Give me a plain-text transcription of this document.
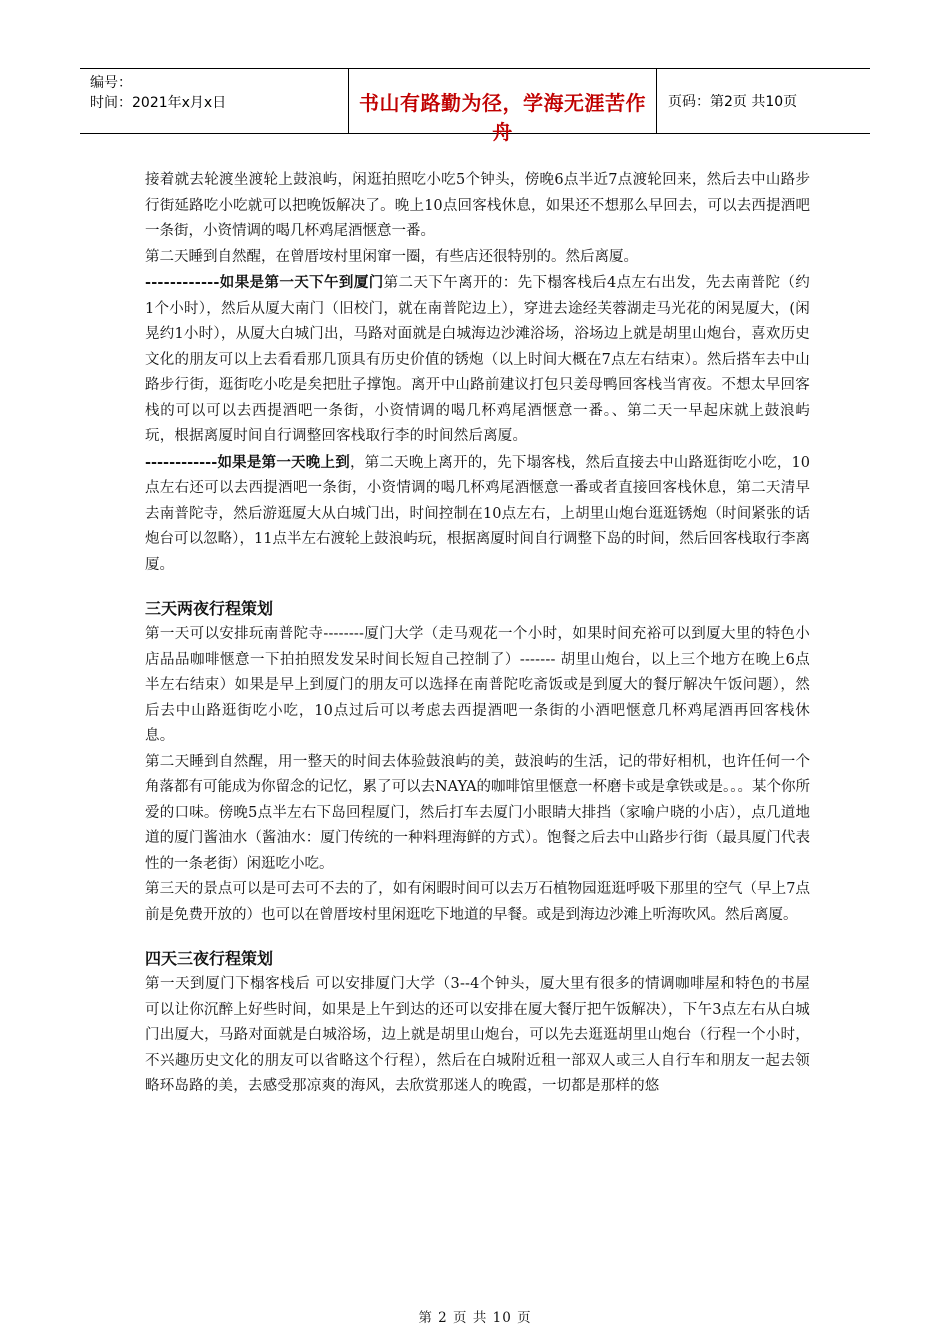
编号：
时间：2021年x月x日	书山有路勤为径，学海无涯苦作舟
页码：第2页 共10页

接着就去轮渡坐渡轮上鼓浪屿，闲逛拍照吃小吃5个钟头，傍晚6点半近7点渡轮回来，然后去中山路步行街延路吃小吃就可以把晚饭解决了。晚上10点回客栈休息，如果还不想那么早回去，可以去西提酒吧一条街，小资情调的喝几杯鸡尾酒惬意一番。

第二天睡到自然醒，在曾厝垵村里闲窜一圈，有些店还很特别的。然后离厦。

------------如果是第一天下午到厦门第二天下午离开的：先下榻客栈后4点左右出发，先去南普陀（约1个小时），然后从厦大南门（旧校门，就在南普陀边上），穿进去途经芙蓉湖走马光花的闲晃厦大，(闲晃约1小时），从厦大白城门出，马路对面就是白城海边沙滩浴场，浴场边上就是胡里山炮台，喜欢历史文化的朋友可以上去看看那几顶具有历史价值的锈炮（以上时间大概在7点左右结束）。然后搭车去中山路步行街，逛街吃小吃是矣把肚子撑饱。离开中山路前建议打包只姜母鸭回客栈当宵夜。不想太早回客栈的可以可以去西提酒吧一条街，小资情调的喝几杯鸡尾酒惬意一番。、第二天一早起床就上鼓浪屿玩，根据离厦时间自行调整回客栈取行李的时间然后离厦。

------------如果是第一天晚上到，第二天晚上离开的，先下塌客栈，然后直接去中山路逛街吃小吃，10点左右还可以去西提酒吧一条街，小资情调的喝几杯鸡尾酒惬意一番或者直接回客栈休息，第二天清早去南普陀寺，然后游逛厦大从白城门出，时间控制在10点左右，上胡里山炮台逛逛锈炮（时间紧张的话炮台可以忽略），11点半左右渡轮上鼓浪屿玩，根据离厦时间自行调整下岛的时间，然后回客栈取行李离厦。

三天两夜行程策划

第一天可以安排玩南普陀寺--------厦门大学（走马观花一个小时，如果时间充裕可以到厦大里的特色小店品品咖啡惬意一下拍拍照发发呆时间长短自己控制了）------- 胡里山炮台，以上三个地方在晚上6点半左右结束）如果是早上到厦门的朋友可以选择在南普陀吃斋饭或是到厦大的餐厅解决午饭问题），然后去中山路逛街吃小吃，10点过后可以考虑去西提酒吧一条街的小酒吧惬意几杯鸡尾酒再回客栈休息。

第二天睡到自然醒，用一整天的时间去体验鼓浪屿的美，鼓浪屿的生活，记的带好相机，也许任何一个角落都有可能成为你留念的记忆，累了可以去NAYA的咖啡馆里惬意一杯磨卡或是拿铁或是。。。某个你所爱的口味。傍晚5点半左右下岛回程厦门，然后打车去厦门小眼睛大排挡（家喻户晓的小店），点几道地道的厦门酱油水（酱油水：厦门传统的一种料理海鲜的方式）。饱餐之后去中山路步行街（最具厦门代表性的一条老街）闲逛吃小吃。

第三天的景点可以是可去可不去的了，如有闲暇时间可以去万石植物园逛逛呼吸下那里的空气（早上7点前是免费开放的）也可以在曾厝垵村里闲逛吃下地道的早餐。或是到海边沙滩上听海吹风。然后离厦。

四天三夜行程策划

第一天到厦门下榻客栈后 可以安排厦门大学（3--4个钟头，厦大里有很多的情调咖啡屋和特色的书屋可以让你沉醉上好些时间，如果是上午到达的还可以安排在厦大餐厅把午饭解决），下午3点左右从白城门出厦大，马路对面就是白城浴场，边上就是胡里山炮台，可以先去逛逛胡里山炮台（行程一个小时，不兴趣历史文化的朋友可以省略这个行程），然后在白城附近租一部双人或三人自行车和朋友一起去领略环岛路的美，去感受那凉爽的海风，去欣赏那迷人的晚霞，一切都是那样的悠

第 2 页 共 10 页
